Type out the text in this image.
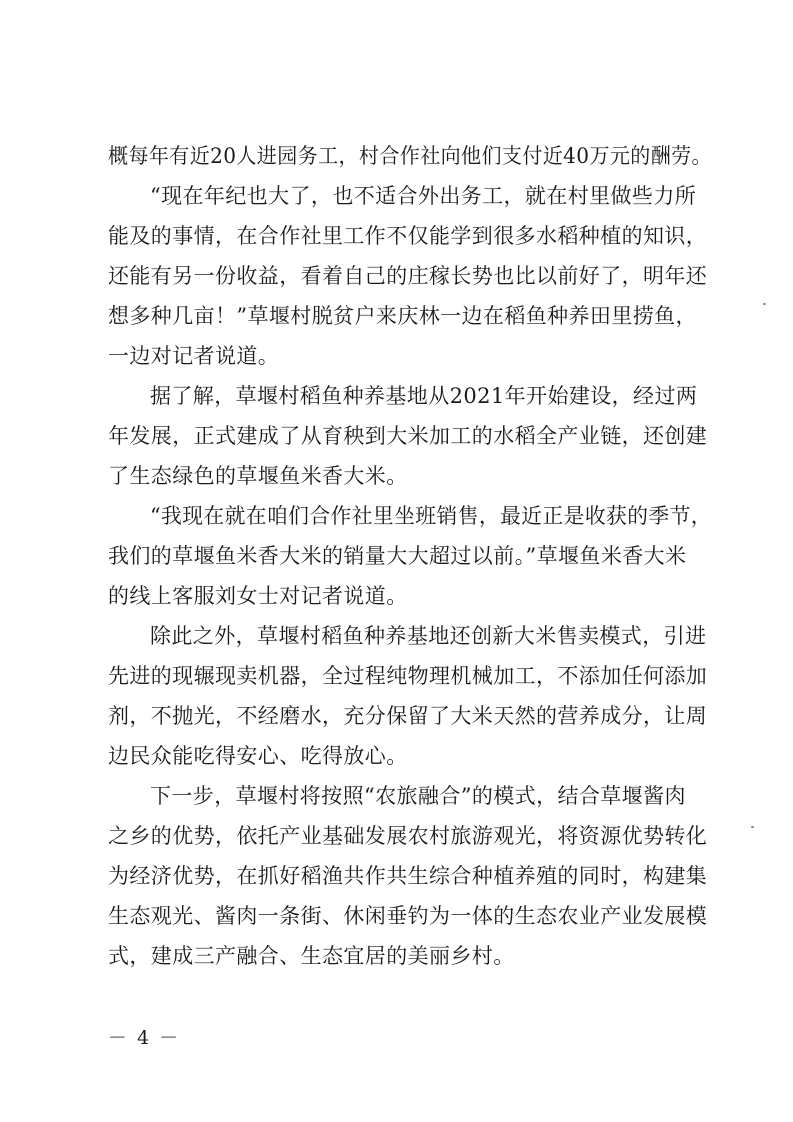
概每年有近20人进园务工，村合作社向他们支付近40万元的酬劳。
“现在年纪也大了，也不适合外出务工，就在村里做些力所
能及的事情，在合作社里工作不仅能学到很多水稻种植的知识，
还能有另一份收益，看着自己的庄稼长势也比以前好了，明年还
想多种几亩！”草堰村脱贫户来庆林一边在稻鱼种养田里捞鱼，
一边对记者说道。
据了解，草堰村稻鱼种养基地从2021年开始建设，经过两
年发展，正式建成了从育秧到大米加工的水稻全产业链，还创建
了生态绿色的草堰鱼米香大米。
“我现在就在咱们合作社里坐班销售，最近正是收获的季节，
我们的草堰鱼米香大米的销量大大超过以前。”草堰鱼米香大米
的线上客服刘女士对记者说道。
除此之外，草堰村稻鱼种养基地还创新大米售卖模式，引进
先进的现辗现卖机器，全过程纯物理机械加工，不添加任何添加
剂，不抛光，不经磨水，充分保留了大米天然的营养成分，让周
边民众能吃得安心、吃得放心。
下一步，草堰村将按照“农旅融合”的模式，结合草堰酱肉
之乡的优势，依托产业基础发展农村旅游观光，将资源优势转化
为经济优势，在抓好稻渔共作共生综合种植养殖的同时，构建集
生态观光、酱肉一条街、休闲垂钓为一体的生态农业产业发展模
式，建成三产融合、生态宜居的美丽乡村。
－ 4 －
